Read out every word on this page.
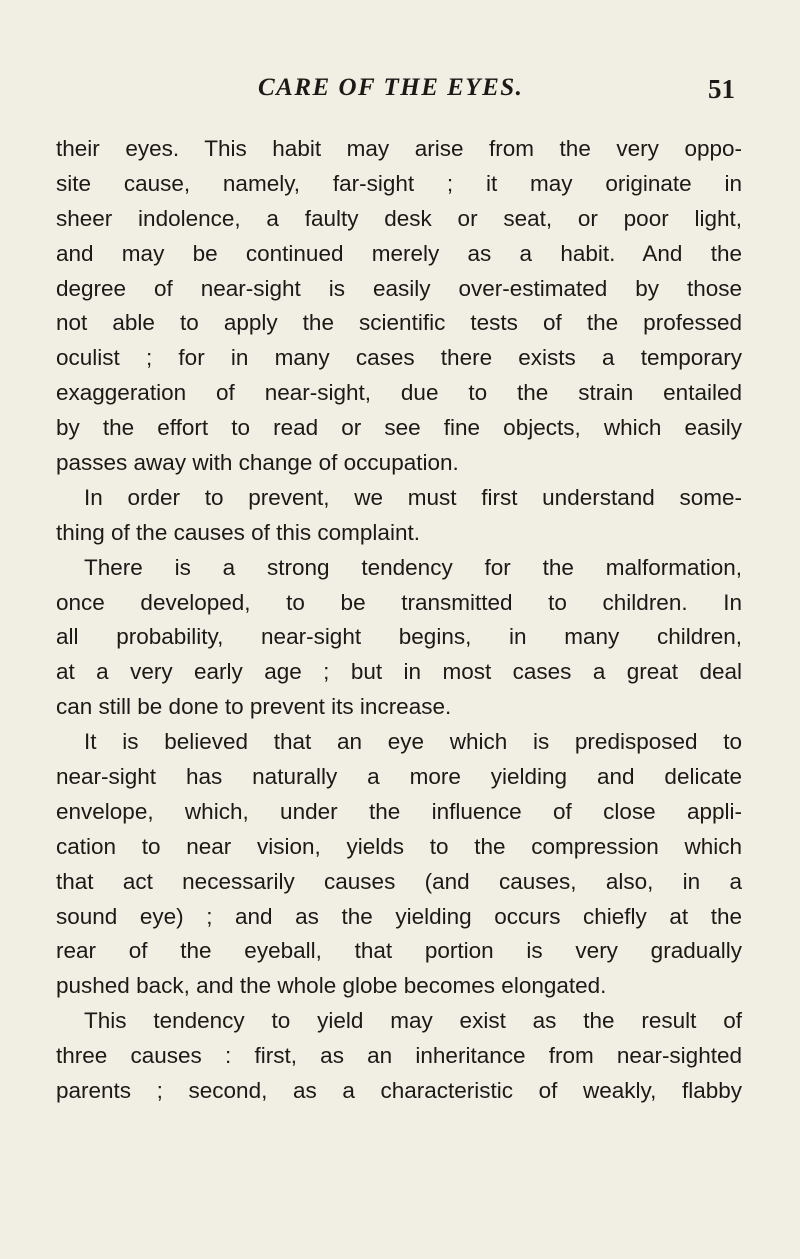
CARE OF THE EYES.	51
their eyes. This habit may arise from the very oppo-
site cause, namely, far-sight ; it may originate in
sheer indolence, a faulty desk or seat, or poor light,
and may be continued merely as a habit. And the
degree of near-sight is easily over-estimated by those
not able to apply the scientific tests of the professed
oculist ; for in many cases there exists a temporary
exaggeration of near-sight, due to the strain entailed
by the effort to read or see fine objects, which easily
passes away with change of occupation.
In order to prevent, we must first understand some-
thing of the causes of this complaint.
There is a strong tendency for the malformation,
once developed, to be transmitted to children. In
all probability, near-sight begins, in many children,
at a very early age ; but in most cases a great deal
can still be done to prevent its increase.
It is believed that an eye which is predisposed to
near-sight has naturally a more yielding and delicate
envelope, which, under the influence of close appli-
cation to near vision, yields to the compression which
that act necessarily causes (and causes, also, in a
sound eye) ; and as the yielding occurs chiefly at the
rear of the eyeball, that portion is very gradually
pushed back, and the whole globe becomes elongated.
This tendency to yield may exist as the result of
three causes : first, as an inheritance from near-sighted
parents ; second, as a characteristic of weakly, flabby
